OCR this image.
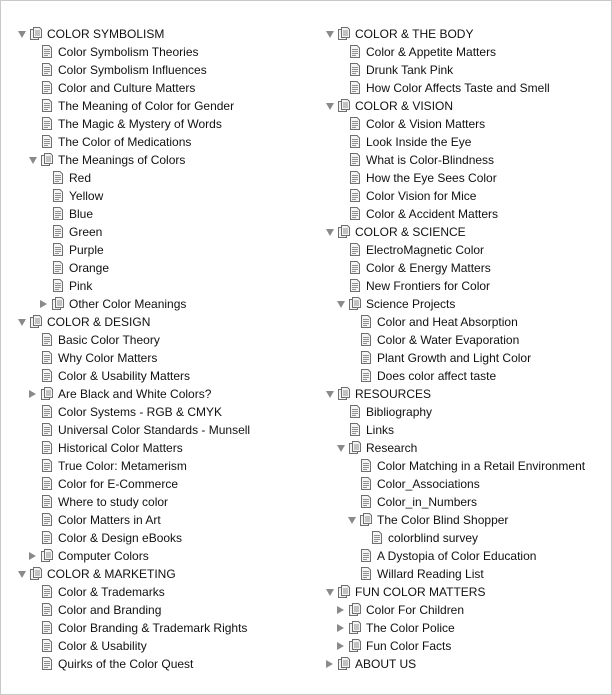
COLOR SYMBOLISM
Color Symbolism Theories
Color Symbolism Influences
Color and Culture Matters
The Meaning of Color for Gender
The Magic & Mystery of Words
The Color of Medications
The Meanings of Colors
Red
Yellow
Blue
Green
Purple
Orange
Pink
Other Color Meanings
COLOR & DESIGN
Basic Color Theory
Why Color Matters
Color & Usability Matters
Are Black and White Colors?
Color Systems - RGB & CMYK
Universal Color Standards - Munsell
Historical Color Matters
True Color: Metamerism
Color for E-Commerce
Where to study color
Color Matters in Art
Color & Design eBooks
Computer Colors
COLOR & MARKETING
Color & Trademarks
Color and Branding
Color Branding & Trademark Rights
Color & Usability
Quirks of the Color Quest
COLOR & THE BODY
Color & Appetite Matters
Drunk Tank Pink
How Color Affects Taste and Smell
COLOR & VISION
Color & Vision Matters
Look Inside the Eye
What is Color-Blindness
How the Eye Sees Color
Color Vision for Mice
Color & Accident Matters
COLOR & SCIENCE
ElectroMagnetic Color
Color & Energy Matters
New Frontiers for Color
Science Projects
Color and Heat Absorption
Color & Water Evaporation
Plant Growth and Light Color
Does color affect taste
RESOURCES
Bibliography
Links
Research
Color Matching in a Retail Environment
Color_Associations
Color_in_Numbers
The Color Blind Shopper
colorblind survey
A Dystopia of Color Education
Willard Reading List
FUN COLOR MATTERS
Color For Children
The Color Police
Fun Color Facts
ABOUT US
